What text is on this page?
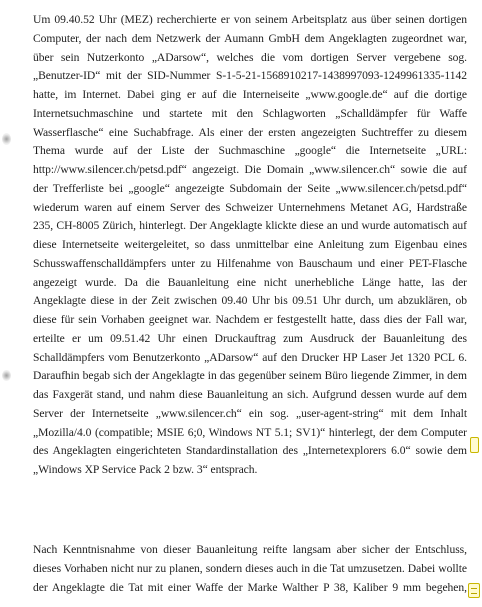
Um 09.40.52 Uhr (MEZ) recherchierte er von seinem Arbeitsplatz aus über seinen dortigen
Computer, der nach dem Netzwerk der Aumann GmbH dem Angeklagten zugeordnet war,
über sein Nutzerkonto „ADarsow“, welches die vom dortigen Server vergebene sog.
„Benutzer-ID“ mit der SID-Nummer S-1-5-21-1568910217-1438997093-1249961335-1142
hatte, im Internet. Dabei ging er auf die Interneiseite „www.google.de“ auf die dortige
Internetsuchmaschine und startete mit den Schlagworten „Schalldämpfer für Waffe
Wasserflasche“ eine Suchabfrage. Als einer der ersten angezeigten Suchtreffer zu diesem
Thema wurde auf der Liste der Suchmaschine „google“ die Internetseite „URL:
http://www.silencer.ch/petsd.pdf“ angezeigt. Die Domain „www.silencer.ch“ sowie die auf
der Trefferliste bei „google“ angezeigte Subdomain der Seite „www.silencer.ch/petsd.pdf“
wiederum waren auf einem Server des Schweizer Unternehmens Metanet AG, Hardstraße
235, CH-8005 Zürich, hinterlegt. Der Angeklagte klickte diese an und wurde automatisch auf
diese Internetseite weitergeleitet, so dass unmittelbar eine Anleitung zum Eigenbau eines
Schusswaffenschalldämpfers unter zu Hilfenahme von Bauschaum und einer PET-Flasche
angezeigt wurde. Da die Bauanleitung eine nicht unerhebliche Länge hatte, las der
Angeklagte diese in der Zeit zwischen 09.40 Uhr bis 09.51 Uhr durch, um abzuklären, ob
diese für sein Vorhaben geeignet war. Nachdem er festgestellt hatte, dass dies der Fall war,
erteilte er um 09.51.42 Uhr einen Druckauftrag zum Ausdruck der Bauanleitung des
Schalldämpfers vom Benutzerkonto „ADarsow“ auf den Drucker HP Laser Jet 1320 PCL 6.
Daraufhin begab sich der Angeklagte in das gegenüber seinem Büro liegende Zimmer, in dem
das Faxgerät stand, und nahm diese Bauanleitung an sich. Aufgrund dessen wurde auf dem
Server der Internetseite „www.silencer.ch“ ein sog. „user-agent-string“ mit dem Inhalt
„Mozilla/4.0 (compatible; MSIE 6;0, Windows NT 5.1; SV1)“ hinterlegt, der dem Computer
des Angeklagten eingerichteten Standardinstallation des „Internetexplorers 6.0“ sowie dem
„Windows XP Service Pack 2 bzw. 3“ entsprach.
Nach Kenntnisnahme von dieser Bauanleitung reifte langsam aber sicher der Entschluss,
dieses Vorhaben nicht nur zu planen, sondern dieses auch in die Tat umzusetzen. Dabei wollte
der Angeklagte die Tat mit einer Waffe der Marke Walther P 38, Kaliber 9 mm begehen,
